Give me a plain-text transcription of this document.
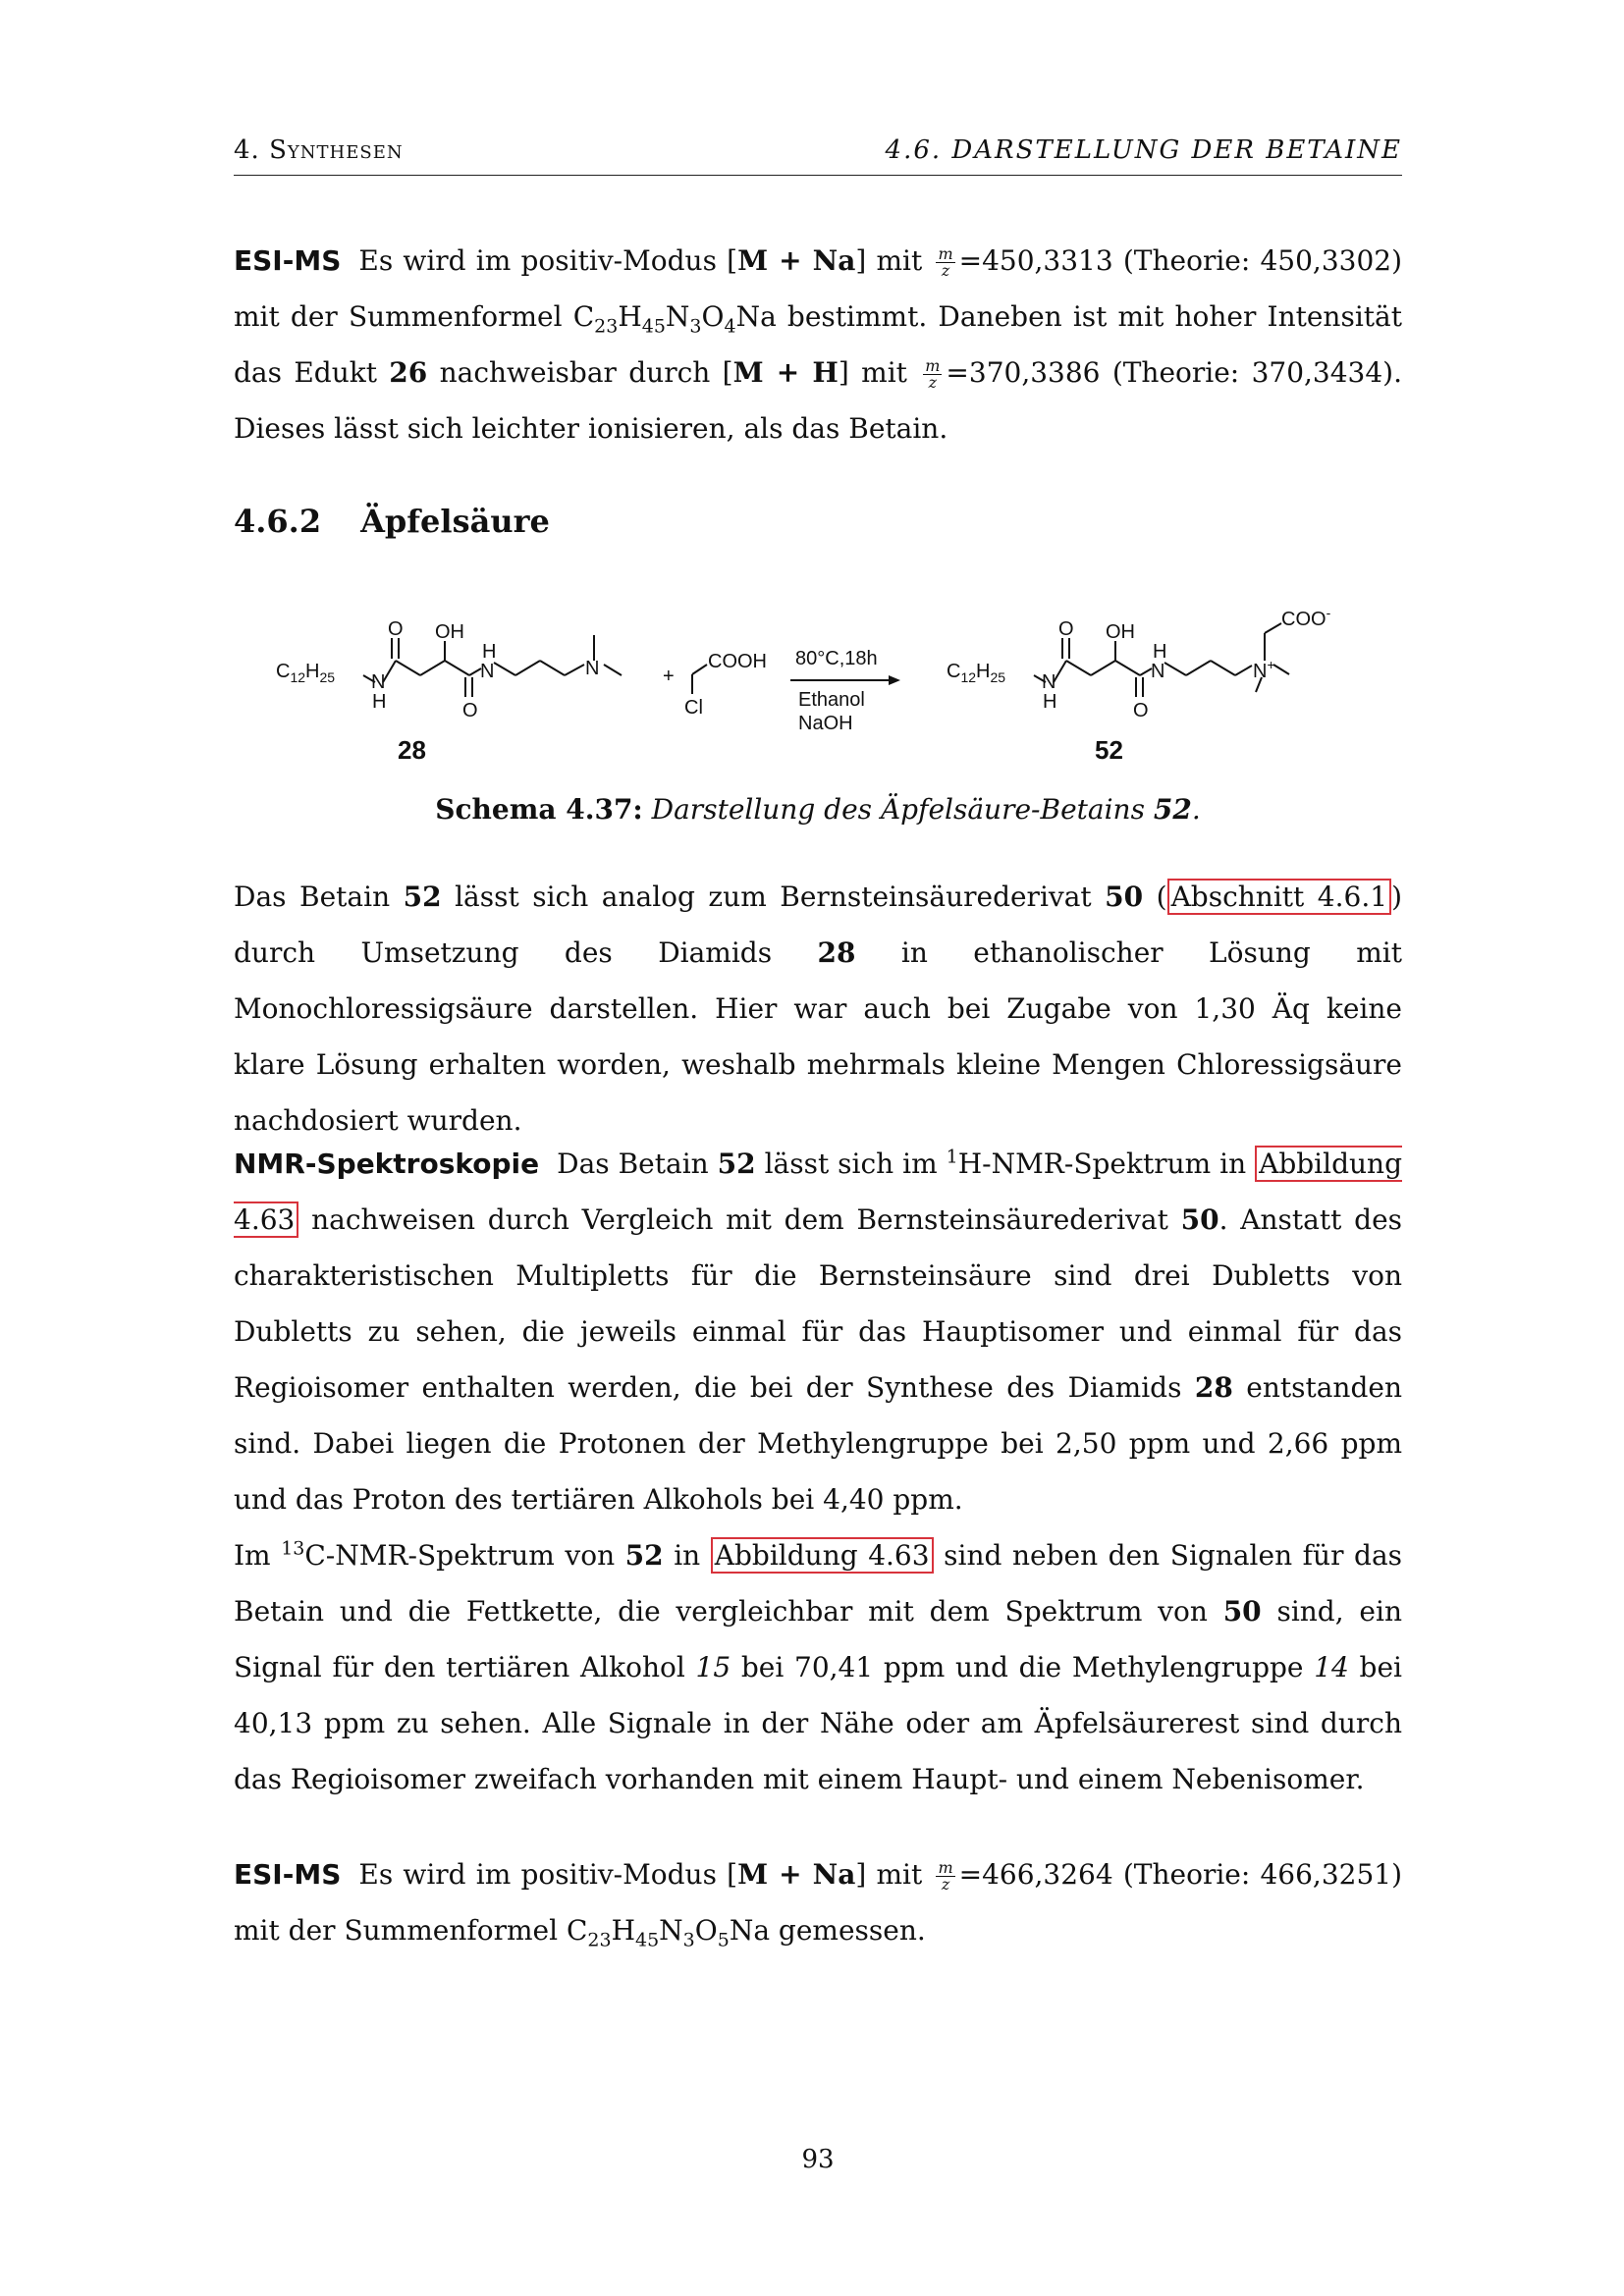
4. Synthesen	4.6. DARSTELLUNG DER BETAINE

ESI-MS Es wird im positiv-Modus [M + Na] mit $\frac{m}{z} =450,3313$ (Theorie: 450,3302) mit der Summenformel $C_{23}H_{45}N_3O_4Na$ bestimmt. Daneben ist mit hoher Intensität das Edukt 26 nachweisbar durch [M + H] mit $\frac{m}{z} =370,3386$ (Theorie: 370,3434). Dieses lässt sich leichter ionisieren, als das Betain.

4.6.2 Äpfelsäure
$C_{12}H_{25}$ N
H
O OH
O
H
N	N
28
+
COOH
Cl
80°C,18h
Ethanol
NaOH
$C_{12}H_{25}$ N
H
O OH
O
H
N	N+
COO-
52
Schema 4.37: Darstellung des Äpfelsäure-Betains 52.

Das Betain 52 lässt sich analog zum Bernsteinsäurederivat 50 ( Abschnitt 4.6.1 ) durch Umsetzung des Diamids 28 in ethanolischer Lösung mit Monochloressigsäure darstellen. Hier war auch bei Zugabe von 1,30 Äq keine klare Lösung erhalten worden, weshalb mehrmals kleine Mengen Chloressigsäure nachdosiert wurden.

NMR-Spektroskopie Das Betain 52 lässt sich im $^1$H-NMR-Spektrum in Abbildung 4.63 nachweisen durch Vergleich mit dem Bernsteinsäurederivat 50. Anstatt des charakteristischen Multipletts für die Bernsteinsäure sind drei Dubletts von Dubletts zu sehen, die jeweils einmal für das Hauptisomer und einmal für das Regioisomer enthalten werden, die bei der Synthese des Diamids 28 entstanden sind. Dabei liegen die Protonen der Methylengruppe bei 2,50 ppm und 2,66 ppm und das Proton des tertiären Alkohols bei 4,40 ppm.
Im $^{13}$C-NMR-Spektrum von 52 in Abbildung 4.63 sind neben den Signalen für das Betain und die Fettkette, die vergleichbar mit dem Spektrum von 50 sind, ein Signal für den tertiären Alkohol 15 bei 70,41 ppm und die Methylengruppe 14 bei 40,13 ppm zu sehen. Alle Signale in der Nähe oder am Äpfelsäurerest sind durch das Regioisomer zweifach vorhanden mit einem Haupt- und einem Nebenisomer.

ESI-MS Es wird im positiv-Modus [M + Na] mit $\frac{m}{z} =466,3264$ (Theorie: 466,3251) mit der Summenformel $C_{23}H_{45}N_3O_5Na$ gemessen.

93
